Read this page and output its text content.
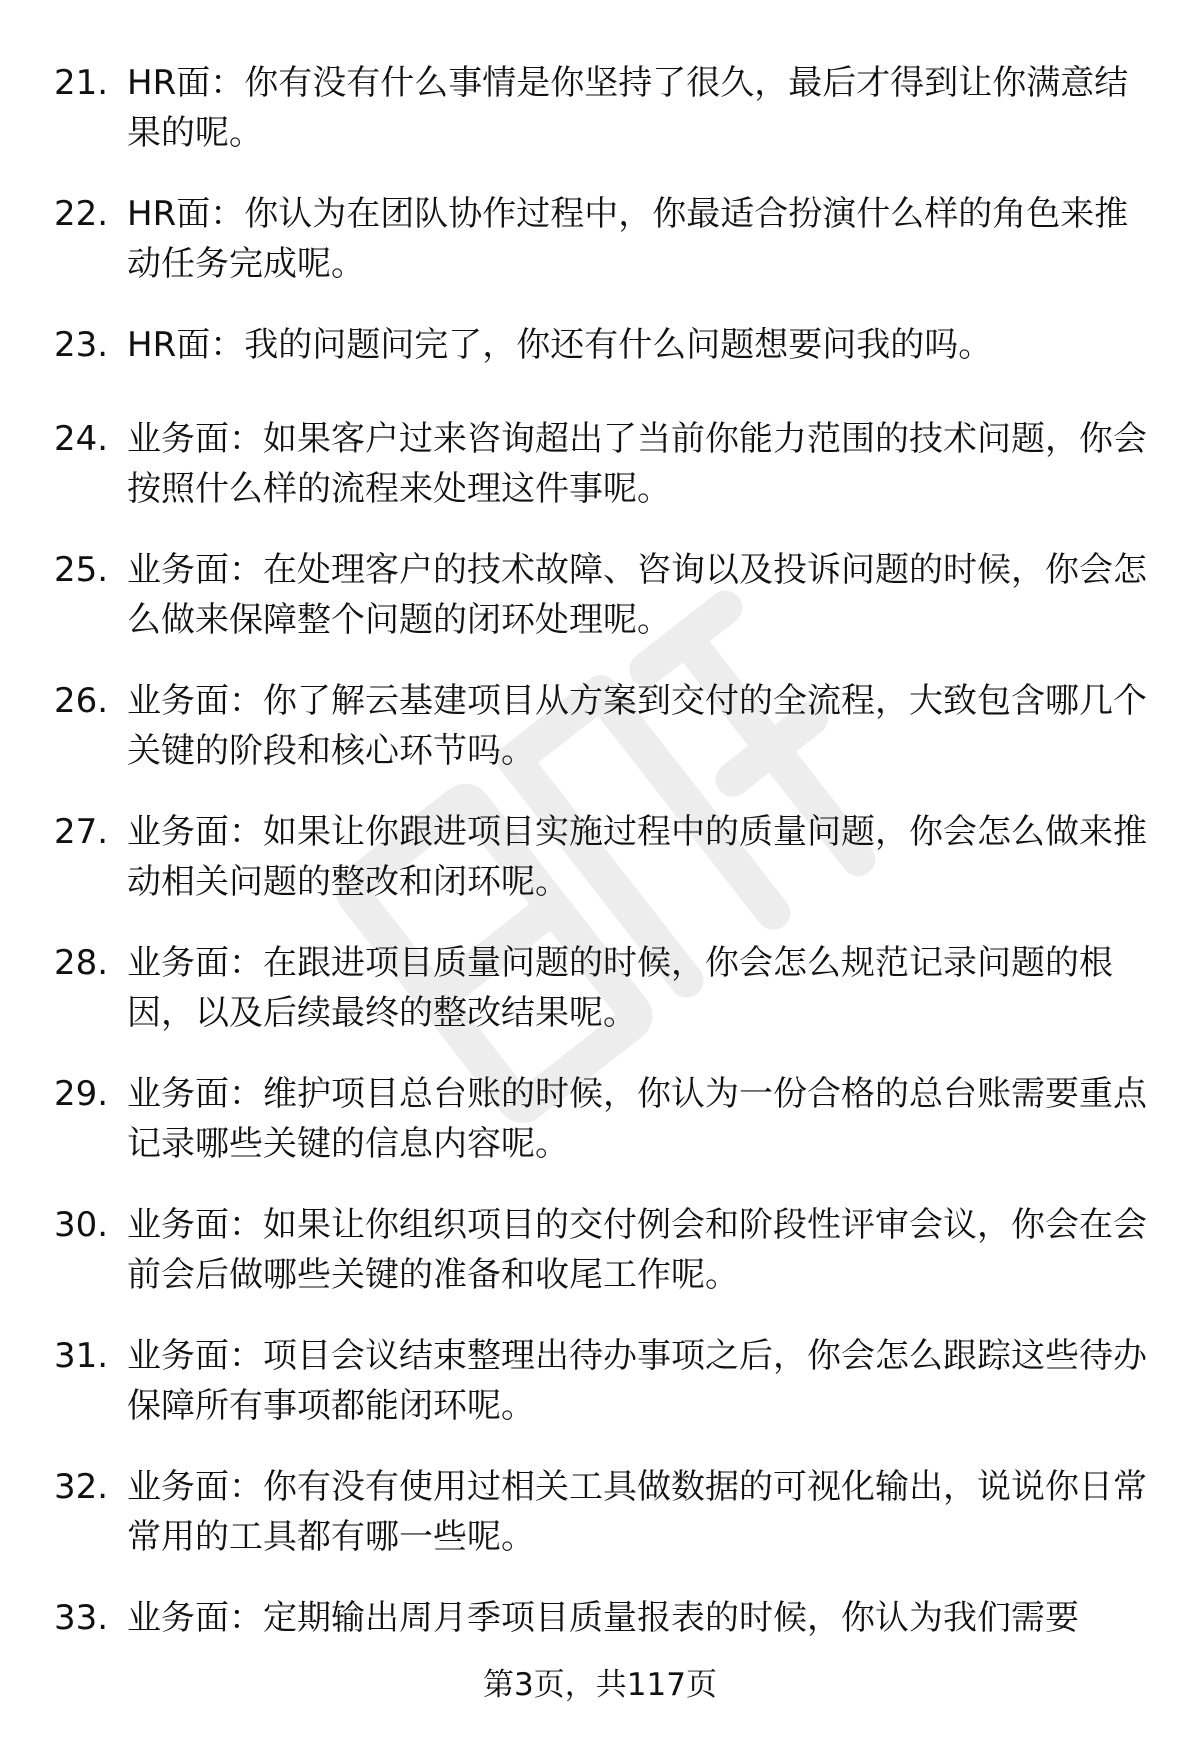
21. HR面：你有没有什么事情是你坚持了很久，最后才得到让你满意结果的呢。
22. HR面：你认为在团队协作过程中，你最适合扮演什么样的角色来推动任务完成呢。
23. HR面：我的问题问完了，你还有什么问题想要问我的吗。
24. 业务面：如果客户过来咨询超出了当前你能力范围的技术问题，你会按照什么样的流程来处理这件事呢。
25. 业务面：在处理客户的技术故障、咨询以及投诉问题的时候，你会怎么做来保障整个问题的闭环处理呢。
26. 业务面：你了解云基建项目从方案到交付的全流程，大致包含哪几个关键的阶段和核心环节吗。
27. 业务面：如果让你跟进项目实施过程中的质量问题，你会怎么做来推动相关问题的整改和闭环呢。
28. 业务面：在跟进项目质量问题的时候，你会怎么规范记录问题的根因，以及后续最终的整改结果呢。
29. 业务面：维护项目总台账的时候，你认为一份合格的总台账需要重点记录哪些关键的信息内容呢。
30. 业务面：如果让你组织项目的交付例会和阶段性评审会议，你会在会前会后做哪些关键的准备和收尾工作呢。
31. 业务面：项目会议结束整理出待办事项之后，你会怎么跟踪这些待办保障所有事项都能闭环呢。
32. 业务面：你有没有使用过相关工具做数据的可视化输出，说说你日常常用的工具都有哪一些呢。
33. 业务面：定期输出周月季项目质量报表的时候，你认为我们需要
第3页，共117页
